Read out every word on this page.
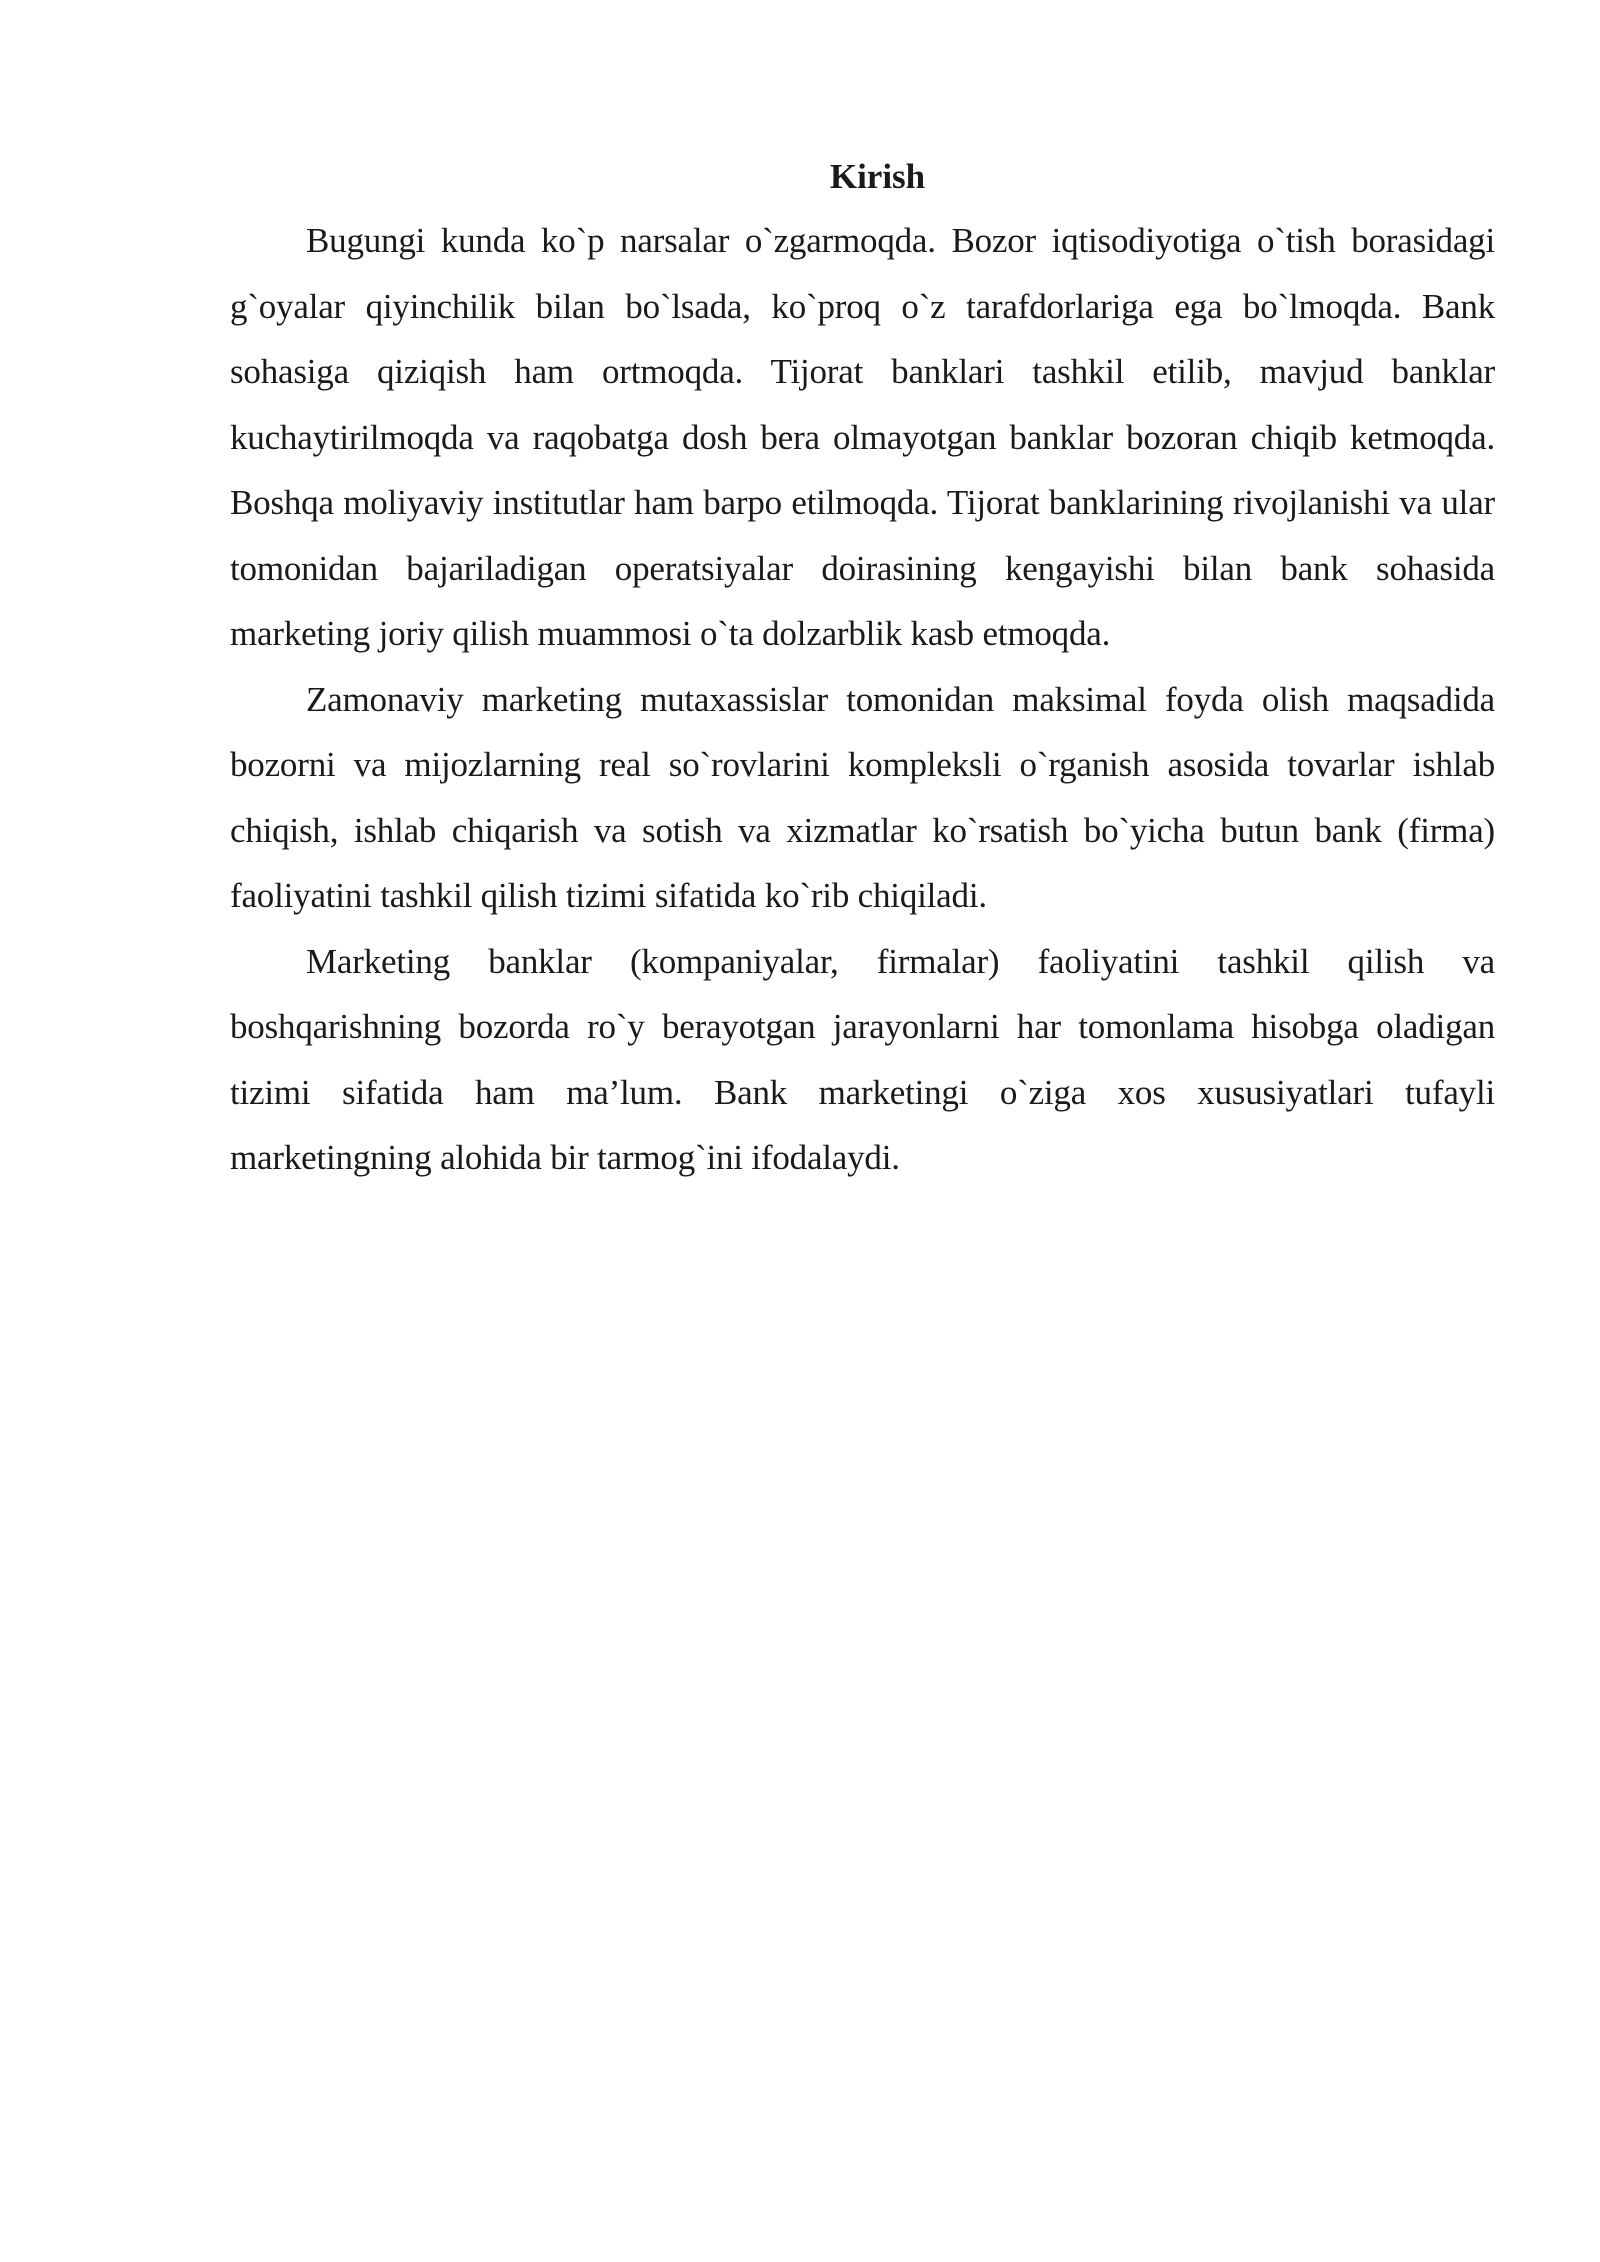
Kirish

Bugungi kunda ko`p narsalar o`zgarmoqda. Bozor iqtisodiyotiga o`tish borasidagi g`oyalar qiyinchilik bilan bo`lsada, ko`proq o`z tarafdorlariga ega bo`lmoqda. Bank sohasiga qiziqish ham ortmoqda. Tijorat banklari tashkil etilib, mavjud banklar kuchaytirilmoqda va raqobatga dosh bera olmayotgan banklar bozoran chiqib ketmoqda. Boshqa moliyaviy institutlar ham barpo etilmoqda. Tijorat banklarining rivojlanishi va ular tomonidan bajariladigan operatsiyalar doirasining kengayishi bilan bank sohasida marketing joriy qilish muammosi o`ta dolzarblik kasb etmoqda.

Zamonaviy marketing mutaxassislar tomonidan maksimal foyda olish maqsadida bozorni va mijozlarning real so`rovlarini kompleksli o`rganish asosida tovarlar ishlab chiqish, ishlab chiqarish va sotish va xizmatlar ko`rsatish bo`yicha butun bank (firma) faoliyatini tashkil qilish tizimi sifatida ko`rib chiqiladi.

Marketing banklar (kompaniyalar, firmalar) faoliyatini tashkil qilish va boshqarishning bozorda ro`y berayotgan jarayonlarni har tomonlama hisobga oladigan tizimi sifatida ham ma’lum. Bank marketingi o`ziga xos xususiyatlari tufayli marketingning alohida bir tarmog`ini ifodalaydi.
